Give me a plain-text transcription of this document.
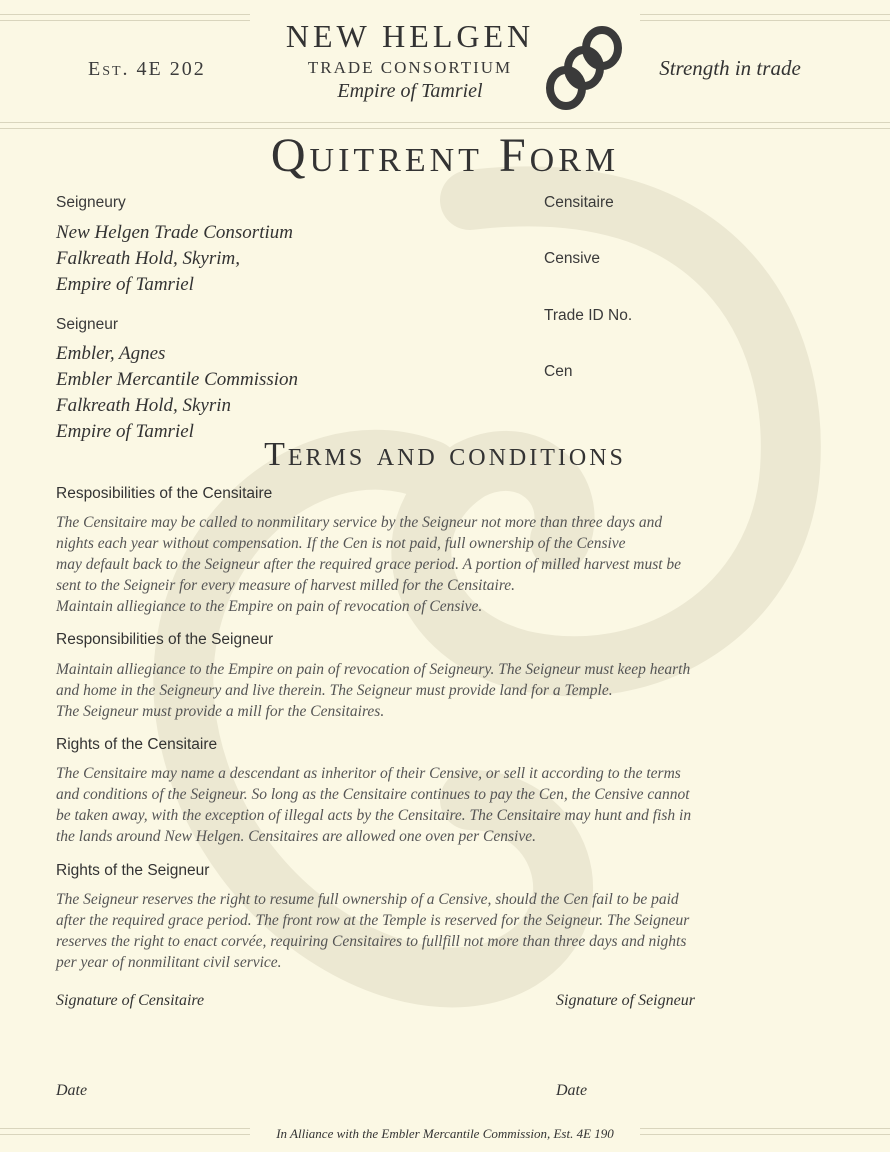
Est. 4E 202
NEW HELGEN
TRADE CONSORTIUM
Empire of Tamriel
Strength in trade
Quitrent Form
Seigneury
New Helgen Trade Consortium
Falkreath Hold, Skyrim,
Empire of Tamriel
Seigneur
Embler, Agnes
Embler Mercantile Commission
Falkreath Hold, Skyrin
Empire of Tamriel
Censitaire
Censive
Trade ID No.
Cen
Terms and conditions
Resposibilities of the Censitaire
The Censitaire may be called to nonmilitary service by the Seigneur not more than three days and
nights each year without compensation. If the Cen is not paid, full ownership of the Censive
may default back to the Seigneur after the required grace period. A portion of milled harvest must be
sent to the Seigneir for every measure of harvest milled for the Censitaire.
Maintain alliegiance to the Empire on pain of revocation of Censive.
Responsibilities of the Seigneur
Maintain alliegiance to the Empire on pain of revocation of Seigneury. The Seigneur must keep hearth
and home in the Seigneury and live therein. The Seigneur must provide land for a Temple.
The Seigneur must provide a mill for the Censitaires.
Rights of the Censitaire
The Censitaire may name a descendant as inheritor of their Censive, or sell it according to the terms
and conditions of the Seigneur. So long as the Censitaire continues to pay the Cen, the Censive cannot
be taken away, with the exception of illegal acts by the Censitaire. The Censitaire may hunt and fish in
the lands around New Helgen. Censitaires are allowed one oven per Censive.
Rights of the Seigneur
The Seigneur reserves the right to resume full ownership of a Censive, should the Cen fail to be paid
after the required grace period. The front row at the Temple is reserved for the Seigneur. The Seigneur
reserves the right to enact corvée, requiring Censitaires to fullfill not more than three days and nights
per year of nonmilitant civil service.
Signature of Censitaire	Signature of Seigneur
Date	Date
In Alliance with the Embler Mercantile Commission, Est. 4E 190
